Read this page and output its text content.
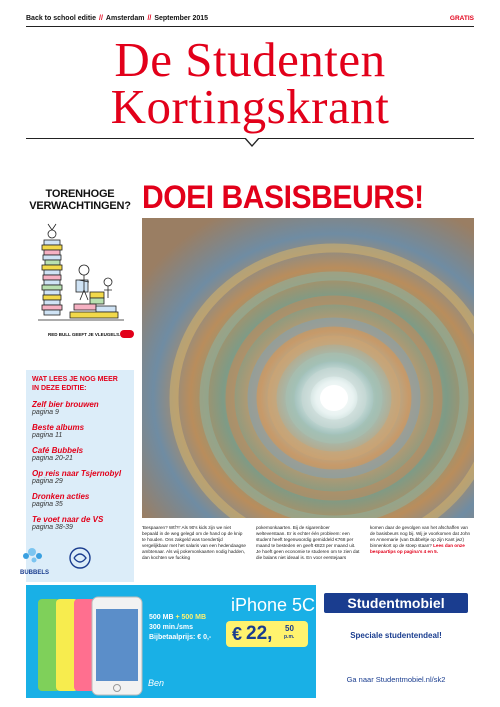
Back to school editie // Amsterdam // September 2015	GRATIS
De Studenten
Kortingskrant
TORENHOGE
VERWACHTINGEN?
RED BULL GEEFT JE VLEUGELS.
WAT LEES JE NOG MEER
IN DEZE EDITIE:
Zelf bier brouwen
pagina 9
Beste albums
pagina 11
Café Bubbels
pagina 20-21
Op reis naar Tsjernobyl
pagina 29
Dronken acties
pagina 35
Te voet naar de VS
pagina 38-39
BUBBELS
DOEI BASISBEURS!
'Bespaaren? Wtf?!' Als 90's kids zijn we niet bepaald in de weg gelegd om de hand op de knip te houden. Ons zakgeld was toendertijd vergelijkbaar met het salaris van een hedendaagse ambtenaar. Als wij pokemonkaarten nodig hadden, dan kochten we fucking
pokemonkaarten. Bij de sigarenboer welteverstaan. Er is echter één probleem: een student heeft tegenwoordig gemiddeld €768 per maand te besteden en geeft €823 per maand uit. Je hoeft geen economie te studeren om te zien dat die balans niet ideaal is. En voor eerstejaars
komen daar de gevolgen van het afschaffen van de basisbeurs nog bij. Wij je voorkomen dat John en Annemarie (van Dubbeltje op zijn Kant jwz) binnenkort op de stoep staan? Lees dan onze bespaartips op pagina's 4 en 5.
500 MB + 500 MB
300 min./sms
Bijbetaalprijs: € 0,-
iPhone 5C
€ 22, 50
p.m.
Ben
Studentmobiel
Speciale studentendeal!
Ga naar Studentmobiel.nl/sk2
